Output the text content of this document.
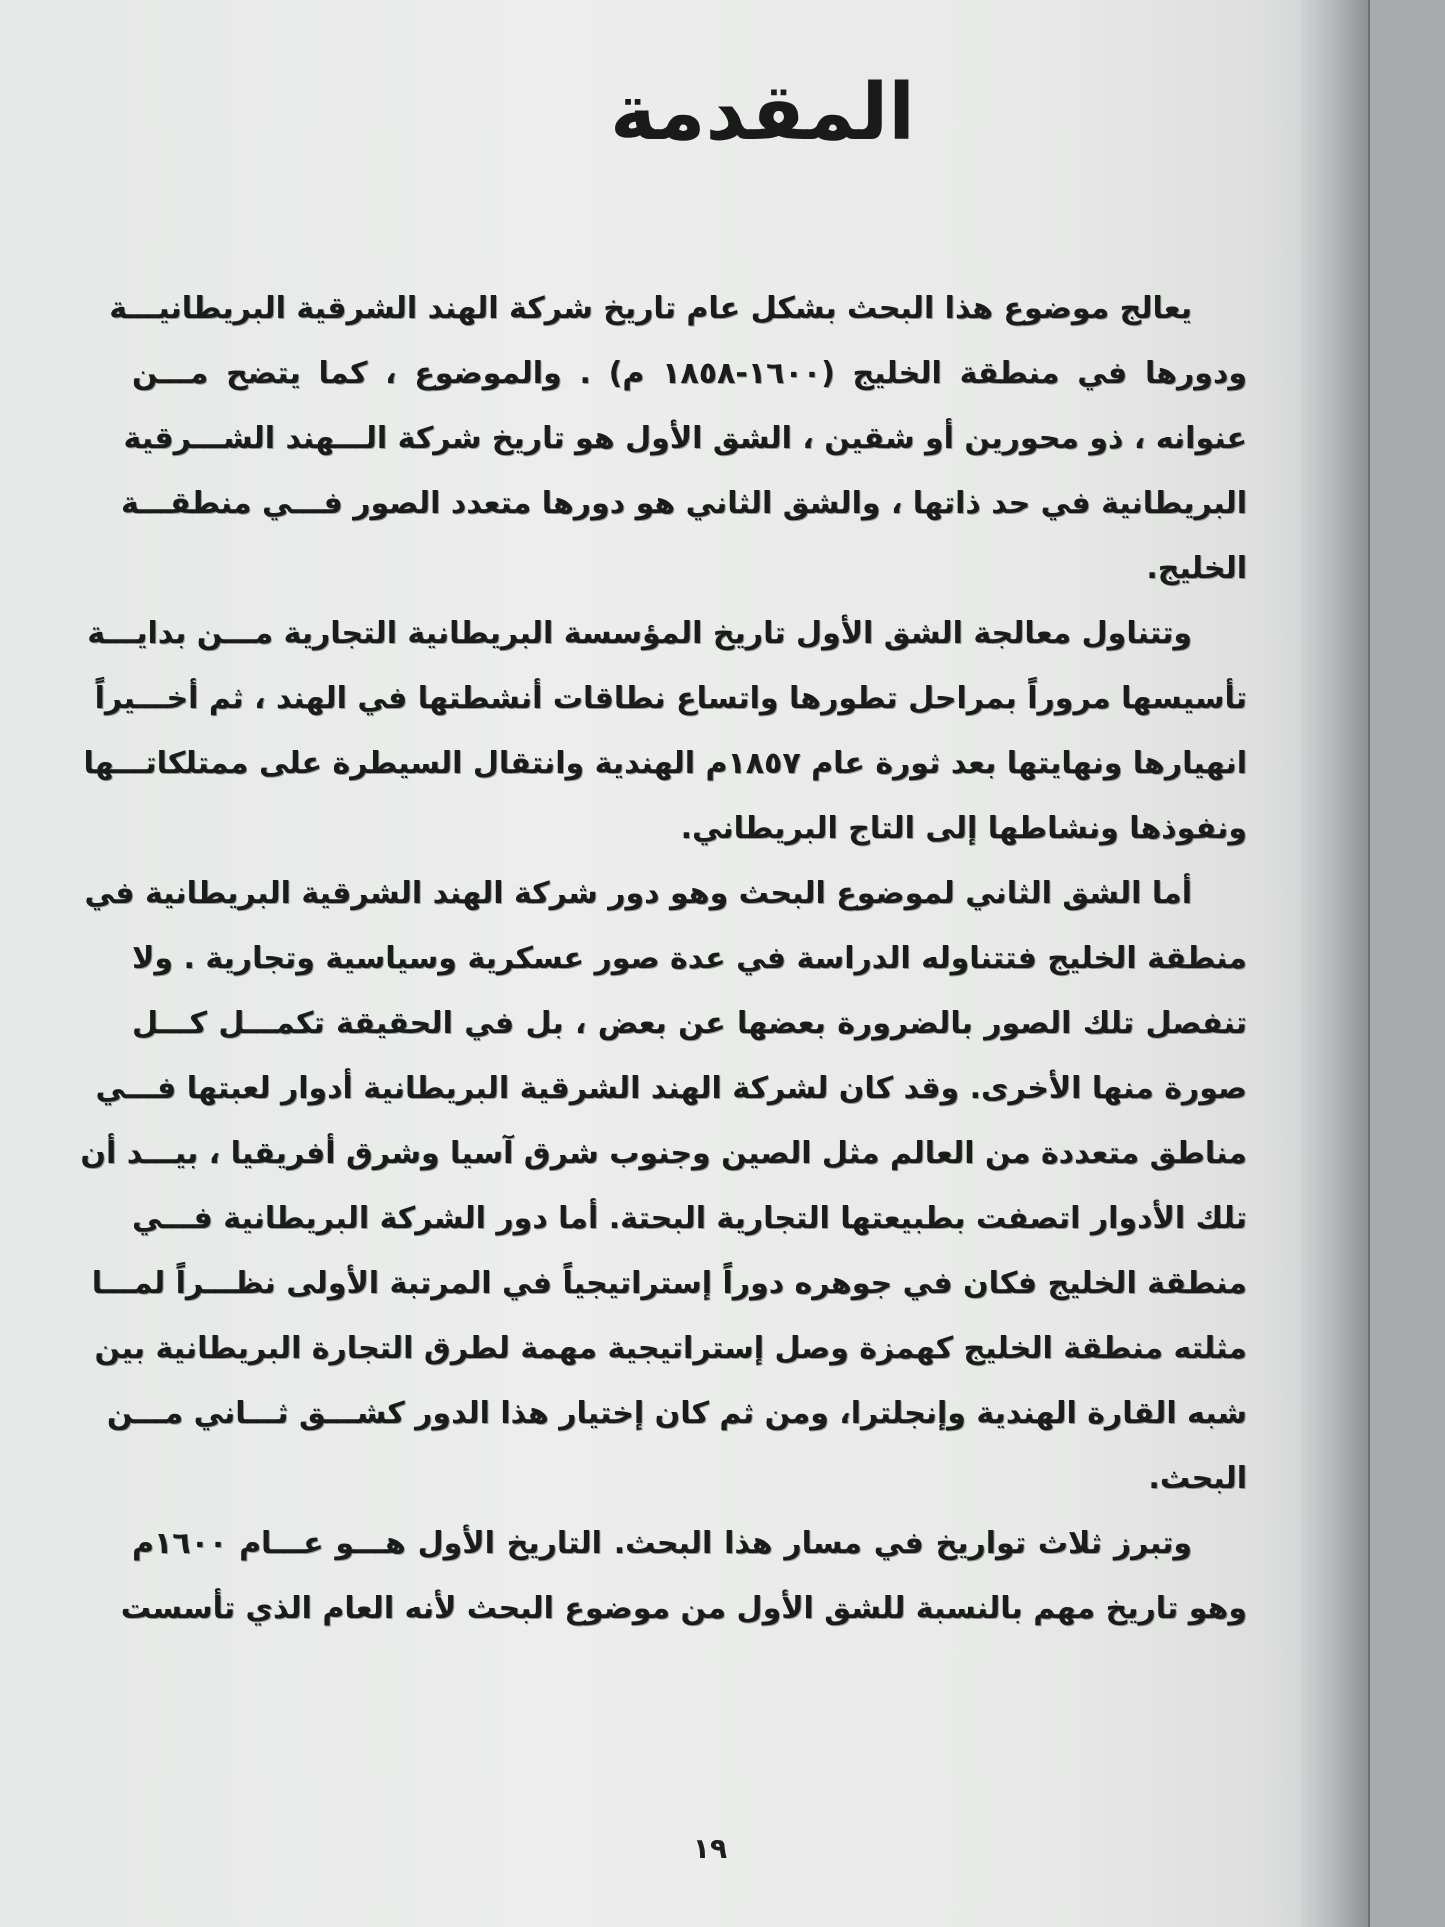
المقدمة
يعالج موضوع هذا البحث بشكل عام تاريخ شركة الهند الشرقية البريطانيـــة
ودورها في منطقة الخليج (١٦٠٠-١٨٥٨ م) . والموضوع ، كما يتضح مـــن
عنوانه ، ذو محورين أو شقين ، الشق الأول هو تاريخ شركة الـــهند الشـــرقية
البريطانية في حد ذاتها ، والشق الثاني هو دورها متعدد الصور فـــي منطقـــة
الخليج.
وتتناول معالجة الشق الأول تاريخ المؤسسة البريطانية التجارية مـــن بدايـــة
تأسيسها مروراً بمراحل تطورها واتساع نطاقات أنشطتها في الهند ، ثم أخـــيراً
انهيارها ونهايتها بعد ثورة عام ١٨٥٧م الهندية وانتقال السيطرة على ممتلكاتـــها
ونفوذها ونشاطها إلى التاج البريطاني.
أما الشق الثاني لموضوع البحث وهو دور شركة الهند الشرقية البريطانية في
منطقة الخليج فتتناوله الدراسة في عدة صور عسكرية وسياسية وتجارية . ولا
تنفصل تلك الصور بالضرورة بعضها عن بعض ، بل في الحقيقة تكمـــل كـــل
صورة منها الأخرى. وقد كان لشركة الهند الشرقية البريطانية أدوار لعبتها فـــي
مناطق متعددة من العالم مثل الصين وجنوب شرق آسيا وشرق أفريقيا ، بيـــد أن
تلك الأدوار اتصفت بطبيعتها التجارية البحتة. أما دور الشركة البريطانية فـــي
منطقة الخليج فكان في جوهره دوراً إستراتيجياً في المرتبة الأولى نظـــراً لمـــا
مثلته منطقة الخليج كهمزة وصل إستراتيجية مهمة لطرق التجارة البريطانية بين
شبه القارة الهندية وإنجلترا، ومن ثم كان إختيار هذا الدور كشـــق ثـــاني مـــن
البحث.
وتبرز ثلاث تواريخ في مسار هذا البحث. التاريخ الأول هـــو عـــام ١٦٠٠م
وهو تاريخ مهم بالنسبة للشق الأول من موضوع البحث لأنه العام الذي تأسست
١٩
